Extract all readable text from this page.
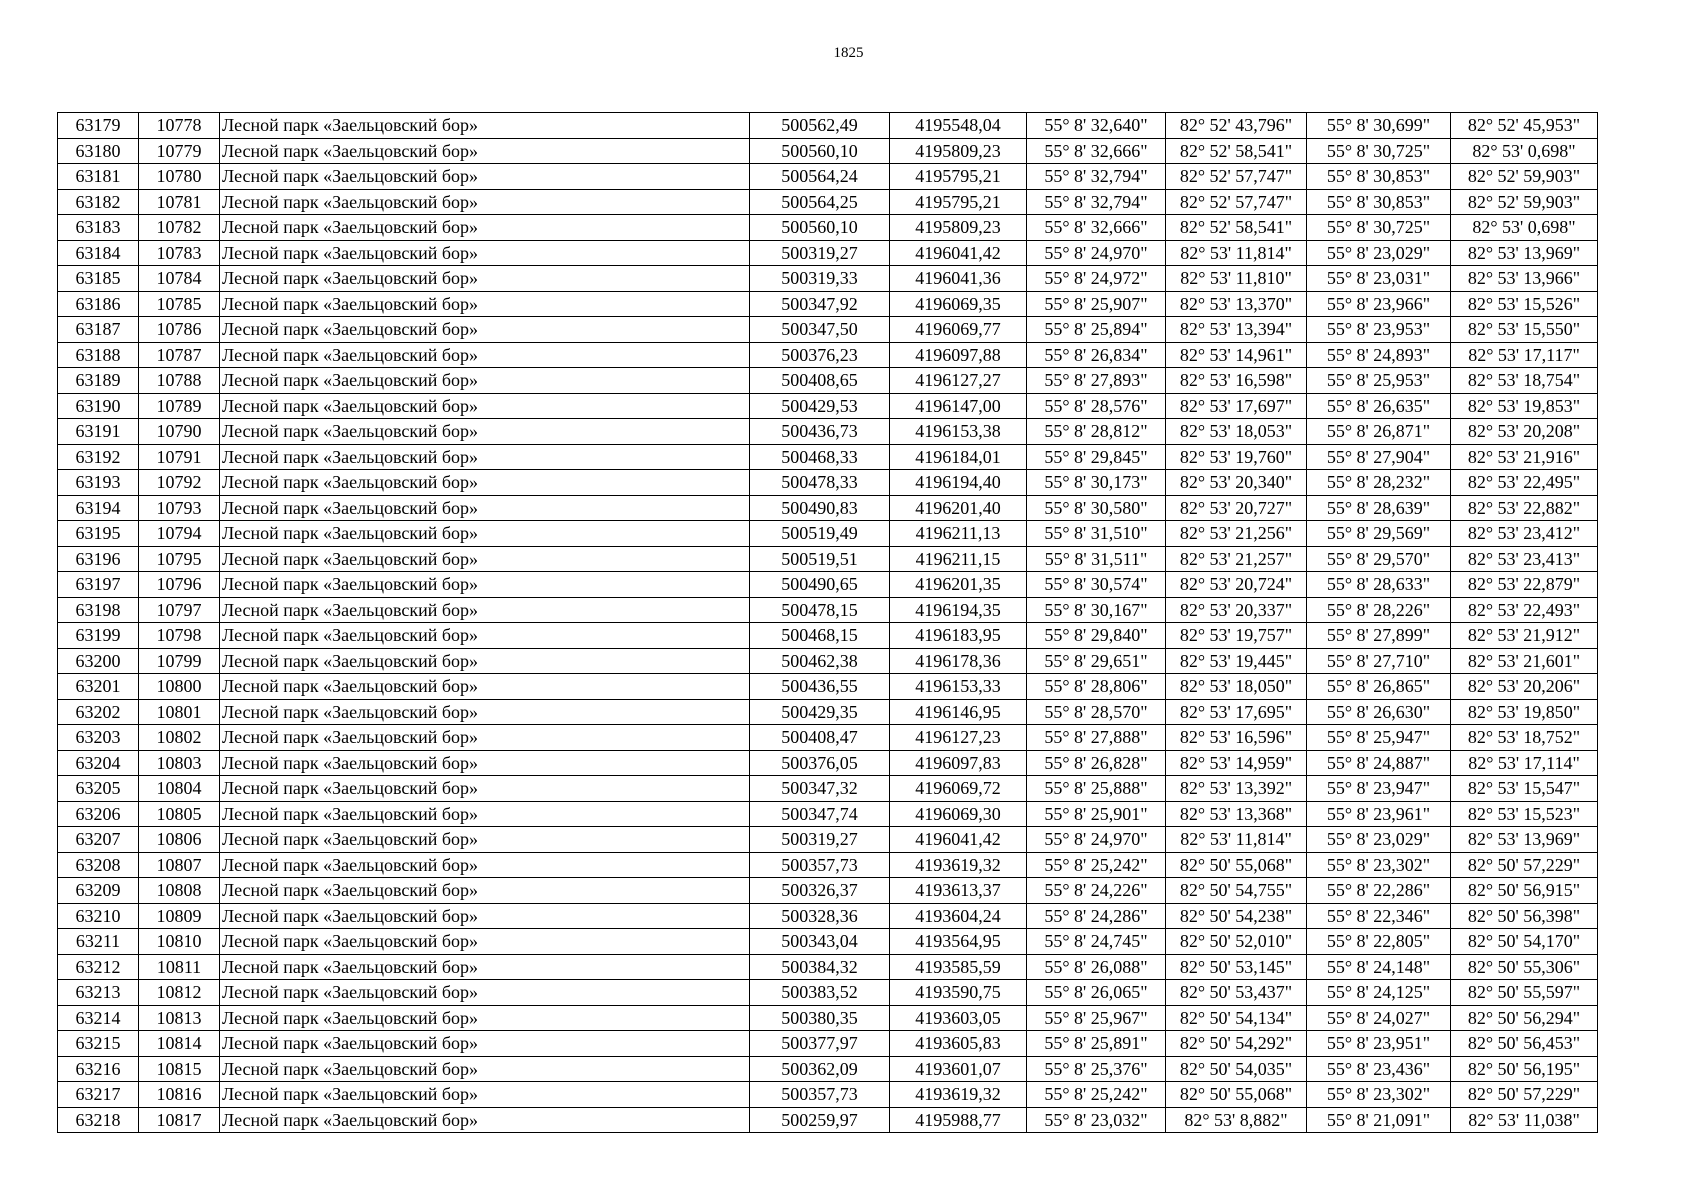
1825
63179	10778	Лесной парк «Заельцовский бор»	500562,49	4195548,04	55° 8' 32,640"	82° 52' 43,796"	55° 8' 30,699"	82° 52' 45,953"
63180	10779	Лесной парк «Заельцовский бор»	500560,10	4195809,23	55° 8' 32,666"	82° 52' 58,541"	55° 8' 30,725"	82° 53' 0,698"
63181	10780	Лесной парк «Заельцовский бор»	500564,24	4195795,21	55° 8' 32,794"	82° 52' 57,747"	55° 8' 30,853"	82° 52' 59,903"
63182	10781	Лесной парк «Заельцовский бор»	500564,25	4195795,21	55° 8' 32,794"	82° 52' 57,747"	55° 8' 30,853"	82° 52' 59,903"
63183	10782	Лесной парк «Заельцовский бор»	500560,10	4195809,23	55° 8' 32,666"	82° 52' 58,541"	55° 8' 30,725"	82° 53' 0,698"
63184	10783	Лесной парк «Заельцовский бор»	500319,27	4196041,42	55° 8' 24,970"	82° 53' 11,814"	55° 8' 23,029"	82° 53' 13,969"
63185	10784	Лесной парк «Заельцовский бор»	500319,33	4196041,36	55° 8' 24,972"	82° 53' 11,810"	55° 8' 23,031"	82° 53' 13,966"
63186	10785	Лесной парк «Заельцовский бор»	500347,92	4196069,35	55° 8' 25,907"	82° 53' 13,370"	55° 8' 23,966"	82° 53' 15,526"
63187	10786	Лесной парк «Заельцовский бор»	500347,50	4196069,77	55° 8' 25,894"	82° 53' 13,394"	55° 8' 23,953"	82° 53' 15,550"
63188	10787	Лесной парк «Заельцовский бор»	500376,23	4196097,88	55° 8' 26,834"	82° 53' 14,961"	55° 8' 24,893"	82° 53' 17,117"
63189	10788	Лесной парк «Заельцовский бор»	500408,65	4196127,27	55° 8' 27,893"	82° 53' 16,598"	55° 8' 25,953"	82° 53' 18,754"
63190	10789	Лесной парк «Заельцовский бор»	500429,53	4196147,00	55° 8' 28,576"	82° 53' 17,697"	55° 8' 26,635"	82° 53' 19,853"
63191	10790	Лесной парк «Заельцовский бор»	500436,73	4196153,38	55° 8' 28,812"	82° 53' 18,053"	55° 8' 26,871"	82° 53' 20,208"
63192	10791	Лесной парк «Заельцовский бор»	500468,33	4196184,01	55° 8' 29,845"	82° 53' 19,760"	55° 8' 27,904"	82° 53' 21,916"
63193	10792	Лесной парк «Заельцовский бор»	500478,33	4196194,40	55° 8' 30,173"	82° 53' 20,340"	55° 8' 28,232"	82° 53' 22,495"
63194	10793	Лесной парк «Заельцовский бор»	500490,83	4196201,40	55° 8' 30,580"	82° 53' 20,727"	55° 8' 28,639"	82° 53' 22,882"
63195	10794	Лесной парк «Заельцовский бор»	500519,49	4196211,13	55° 8' 31,510"	82° 53' 21,256"	55° 8' 29,569"	82° 53' 23,412"
63196	10795	Лесной парк «Заельцовский бор»	500519,51	4196211,15	55° 8' 31,511"	82° 53' 21,257"	55° 8' 29,570"	82° 53' 23,413"
63197	10796	Лесной парк «Заельцовский бор»	500490,65	4196201,35	55° 8' 30,574"	82° 53' 20,724"	55° 8' 28,633"	82° 53' 22,879"
63198	10797	Лесной парк «Заельцовский бор»	500478,15	4196194,35	55° 8' 30,167"	82° 53' 20,337"	55° 8' 28,226"	82° 53' 22,493"
63199	10798	Лесной парк «Заельцовский бор»	500468,15	4196183,95	55° 8' 29,840"	82° 53' 19,757"	55° 8' 27,899"	82° 53' 21,912"
63200	10799	Лесной парк «Заельцовский бор»	500462,38	4196178,36	55° 8' 29,651"	82° 53' 19,445"	55° 8' 27,710"	82° 53' 21,601"
63201	10800	Лесной парк «Заельцовский бор»	500436,55	4196153,33	55° 8' 28,806"	82° 53' 18,050"	55° 8' 26,865"	82° 53' 20,206"
63202	10801	Лесной парк «Заельцовский бор»	500429,35	4196146,95	55° 8' 28,570"	82° 53' 17,695"	55° 8' 26,630"	82° 53' 19,850"
63203	10802	Лесной парк «Заельцовский бор»	500408,47	4196127,23	55° 8' 27,888"	82° 53' 16,596"	55° 8' 25,947"	82° 53' 18,752"
63204	10803	Лесной парк «Заельцовский бор»	500376,05	4196097,83	55° 8' 26,828"	82° 53' 14,959"	55° 8' 24,887"	82° 53' 17,114"
63205	10804	Лесной парк «Заельцовский бор»	500347,32	4196069,72	55° 8' 25,888"	82° 53' 13,392"	55° 8' 23,947"	82° 53' 15,547"
63206	10805	Лесной парк «Заельцовский бор»	500347,74	4196069,30	55° 8' 25,901"	82° 53' 13,368"	55° 8' 23,961"	82° 53' 15,523"
63207	10806	Лесной парк «Заельцовский бор»	500319,27	4196041,42	55° 8' 24,970"	82° 53' 11,814"	55° 8' 23,029"	82° 53' 13,969"
63208	10807	Лесной парк «Заельцовский бор»	500357,73	4193619,32	55° 8' 25,242"	82° 50' 55,068"	55° 8' 23,302"	82° 50' 57,229"
63209	10808	Лесной парк «Заельцовский бор»	500326,37	4193613,37	55° 8' 24,226"	82° 50' 54,755"	55° 8' 22,286"	82° 50' 56,915"
63210	10809	Лесной парк «Заельцовский бор»	500328,36	4193604,24	55° 8' 24,286"	82° 50' 54,238"	55° 8' 22,346"	82° 50' 56,398"
63211	10810	Лесной парк «Заельцовский бор»	500343,04	4193564,95	55° 8' 24,745"	82° 50' 52,010"	55° 8' 22,805"	82° 50' 54,170"
63212	10811	Лесной парк «Заельцовский бор»	500384,32	4193585,59	55° 8' 26,088"	82° 50' 53,145"	55° 8' 24,148"	82° 50' 55,306"
63213	10812	Лесной парк «Заельцовский бор»	500383,52	4193590,75	55° 8' 26,065"	82° 50' 53,437"	55° 8' 24,125"	82° 50' 55,597"
63214	10813	Лесной парк «Заельцовский бор»	500380,35	4193603,05	55° 8' 25,967"	82° 50' 54,134"	55° 8' 24,027"	82° 50' 56,294"
63215	10814	Лесной парк «Заельцовский бор»	500377,97	4193605,83	55° 8' 25,891"	82° 50' 54,292"	55° 8' 23,951"	82° 50' 56,453"
63216	10815	Лесной парк «Заельцовский бор»	500362,09	4193601,07	55° 8' 25,376"	82° 50' 54,035"	55° 8' 23,436"	82° 50' 56,195"
63217	10816	Лесной парк «Заельцовский бор»	500357,73	4193619,32	55° 8' 25,242"	82° 50' 55,068"	55° 8' 23,302"	82° 50' 57,229"
63218	10817	Лесной парк «Заельцовский бор»	500259,97	4195988,77	55° 8' 23,032"	82° 53' 8,882"	55° 8' 21,091"	82° 53' 11,038"
